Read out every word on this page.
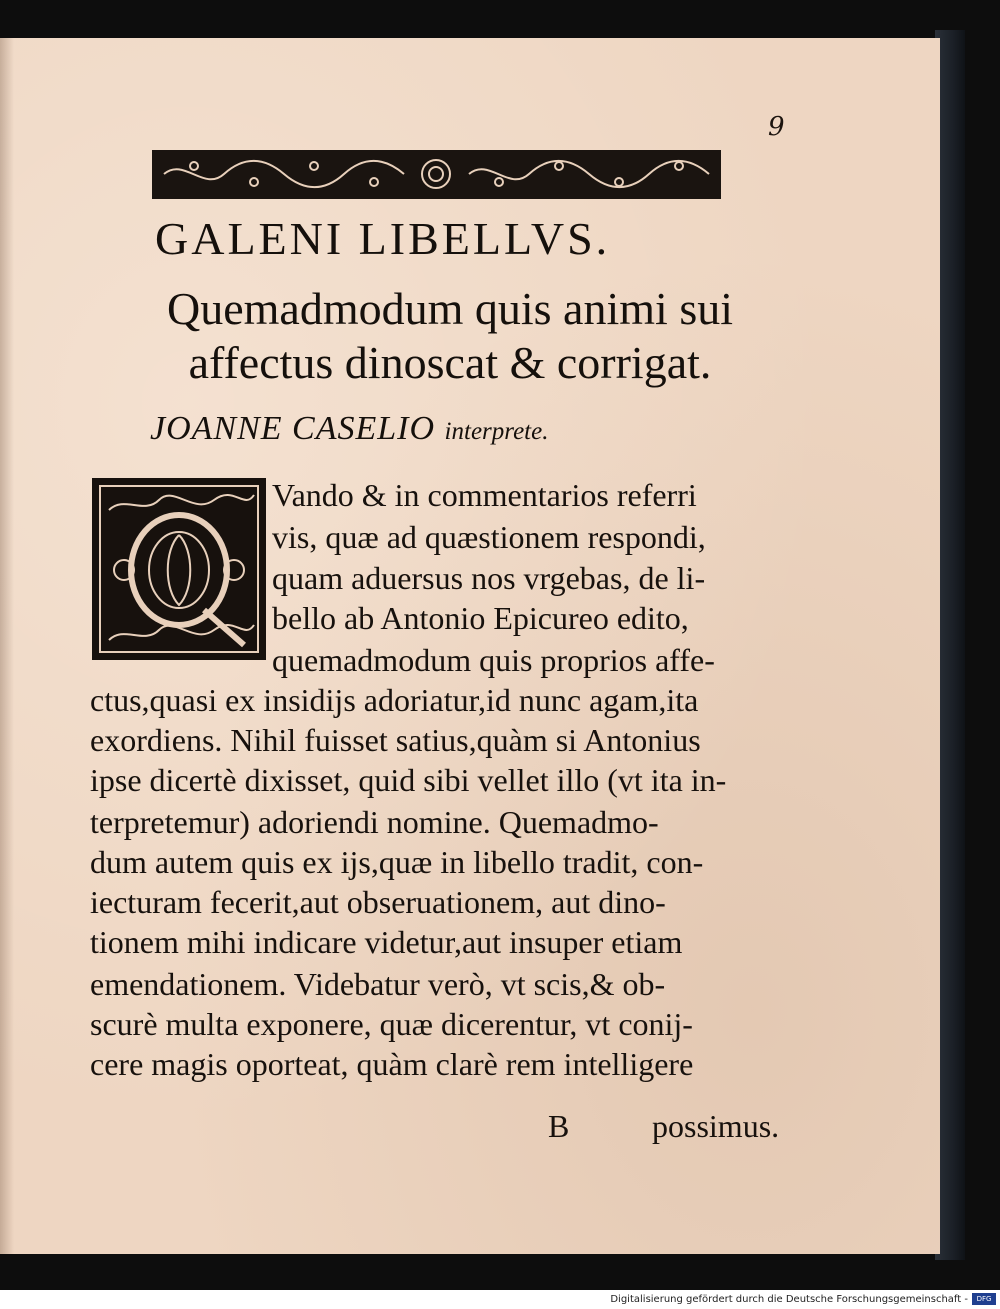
9
GALENI LIBELLVS.
Quemadmodum quis animi sui
affectus dinoscat & corrigat.
JOANNE CASELIO interprete.
Vando & in commentarios referri
vis, quæ ad quæstionem respondi,
quam aduersus nos vrgebas, de li-
bello ab Antonio Epicureo edito,
quemadmodum quis proprios affe-
ctus,quasi ex insidijs adoriatur,id nunc agam,ita
exordiens. Nihil fuisset satius,quàm si Antonius
ipse dicertè dixisset, quid sibi vellet illo (vt ita in-
terpretemur) adoriendi nomine. Quemadmo-
dum autem quis ex ijs,quæ in libello tradit, con-
iecturam fecerit,aut obseruationem, aut dino-
tionem mihi indicare videtur,aut insuper etiam
emendationem. Videbatur verò, vt scis,& ob-
scurè multa exponere, quæ dicerentur, vt conij-
cere magis oporteat, quàm clarè rem intelligere
B	possimus.
Digitalisierung gefördert durch die Deutsche Forschungsgemeinschaft -	DFG
